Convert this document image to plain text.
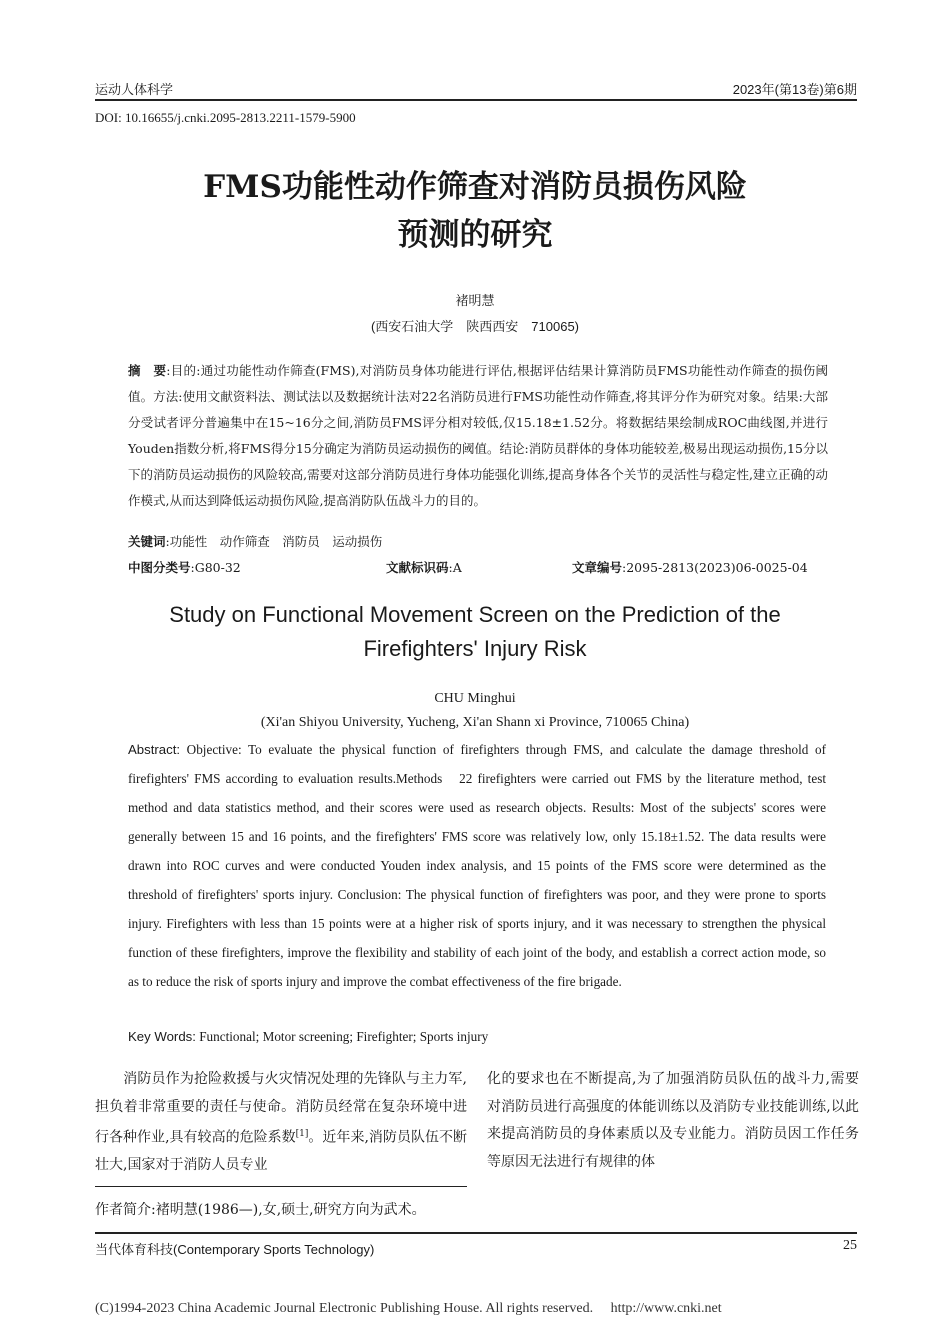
运动人体科学	2023年(第13卷)第6期
DOI: 10.16655/j.cnki.2095-2813.2211-1579-5900
FMS功能性动作筛查对消防员损伤风险
预测的研究
褚明慧
(西安石油大学　陕西西安　710065)
摘　要:目的:通过功能性动作筛查(FMS),对消防员身体功能进行评估,根据评估结果计算消防员FMS功能性动作筛查的损伤阈值。方法:使用文献资料法、测试法以及数据统计法对22名消防员进行FMS功能性动作筛查,将其评分作为研究对象。结果:大部分受试者评分普遍集中在15~16分之间,消防员FMS评分相对较低,仅15.18±1.52分。将数据结果绘制成ROC曲线图,并进行Youden指数分析,将FMS得分15分确定为消防员运动损伤的阈值。结论:消防员群体的身体功能较差,极易出现运动损伤,15分以下的消防员运动损伤的风险较高,需要对这部分消防员进行身体功能强化训练,提高身体各个关节的灵活性与稳定性,建立正确的动作模式,从而达到降低运动损伤风险,提高消防队伍战斗力的目的。
关键词:功能性　动作筛查　消防员　运动损伤
中图分类号:G80-32	文献标识码:A	文章编号:2095-2813(2023)06-0025-04
Study on Functional Movement Screen on the Prediction of the
Firefighters' Injury Risk
CHU Minghui
(Xi'an Shiyou University, Yucheng, Xi'an Shann xi Province, 710065 China)
Abstract: Objective: To evaluate the physical function of firefighters through FMS, and calculate the damage threshold of firefighters' FMS according to evaluation results.Methods　22 firefighters were carried out FMS by the literature method, test method and data statistics method, and their scores were used as research objects. Results: Most of the subjects' scores were generally between 15 and 16 points, and the firefighters' FMS score was relatively low, only 15.18±1.52. The data results were drawn into ROC curves and were conducted Youden index analysis, and 15 points of the FMS score were determined as the threshold of firefighters' sports injury. Conclusion: The physical function of firefighters was poor, and they were prone to sports injury. Firefighters with less than 15 points were at a higher risk of sports injury, and it was necessary to strengthen the physical function of these firefighters, improve the flexibility and stability of each joint of the body, and establish a correct action mode, so as to reduce the risk of sports injury and improve the combat effectiveness of the fire brigade.
Key Words: Functional; Motor screening; Firefighter; Sports injury
　　消防员作为抢险救援与火灾情况处理的先锋队与主力军,担负着非常重要的责任与使命。消防员经常在复杂环境中进行各种作业,具有较高的危险系数[1]。近年来,消防员队伍不断壮大,国家对于消防人员专业
化的要求也在不断提高,为了加强消防员队伍的战斗力,需要对消防员进行高强度的体能训练以及消防专业技能训练,以此来提高消防员的身体素质以及专业能力。消防员因工作任务等原因无法进行有规律的体
作者简介:褚明慧(1986—),女,硕士,研究方向为武术。
当代体育科技(Contemporary Sports Technology)	25
(C)1994-2023 China Academic Journal Electronic Publishing House. All rights reserved.　 http://www.cnki.net
